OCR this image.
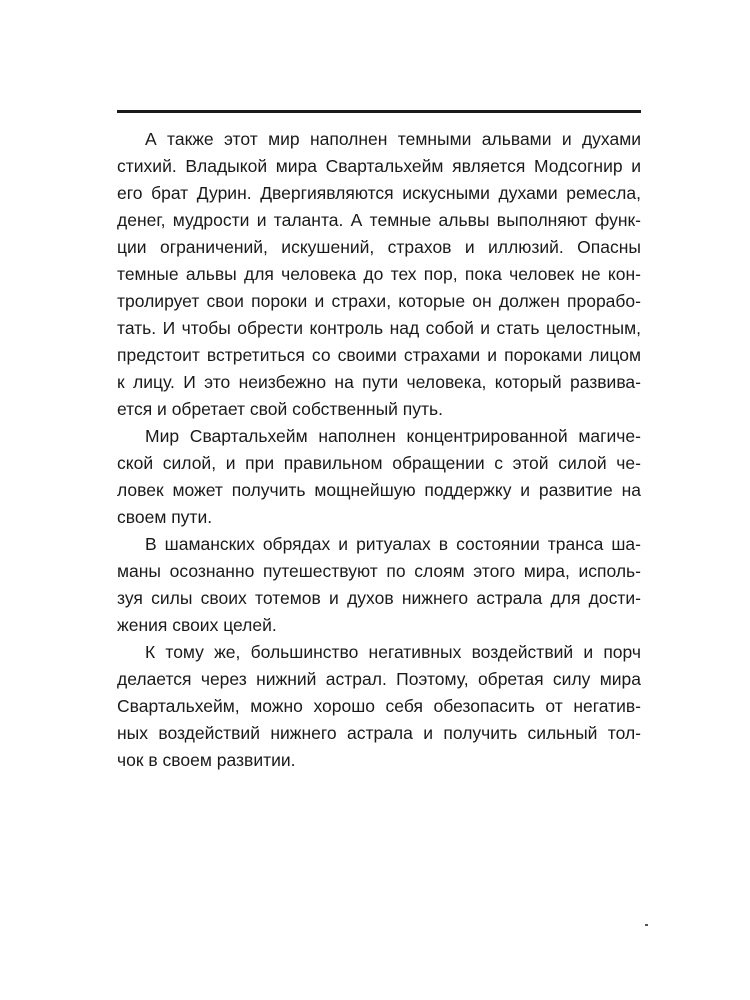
А также этот мир наполнен темными альвами и духами
стихий. Владыкой мира Свартальхейм является Модсогнир и
его брат Дурин. Двергиявляются искусными духами ремесла,
денег, мудрости и таланта. А темные альвы выполняют функ-
ции ограничений, искушений, страхов и иллюзий. Опасны
темные альвы для человека до тех пор, пока человек не кон-
тролирует свои пороки и страхи, которые он должен прорабо-
тать. И чтобы обрести контроль над собой и стать целостным,
предстоит встретиться со своими страхами и пороками лицом
к лицу. И это неизбежно на пути человека, который развива-
ется и обретает свой собственный путь.
Мир Свартальхейм наполнен концентрированной магиче-
ской силой, и при правильном обращении с этой силой че-
ловек может получить мощнейшую поддержку и развитие на
своем пути.
В шаманских обрядах и ритуалах в состоянии транса ша-
маны осознанно путешествуют по слоям этого мира, исполь-
зуя силы своих тотемов и духов нижнего астрала для дости-
жения своих целей.
К тому же, большинство негативных воздействий и порч
делается через нижний астрал. Поэтому, обретая силу мира
Свартальхейм, можно хорошо себя обезопасить от негатив-
ных воздействий нижнего астрала и получить сильный тол-
чок в своем развитии.
